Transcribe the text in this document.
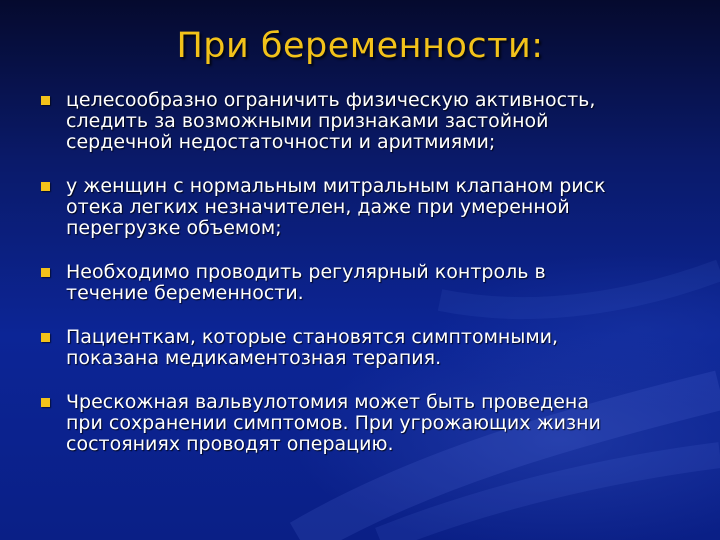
При беременности:
целесообразно ограничить физическую активность,
следить за возможными признаками застойной
сердечной недостаточности и аритмиями;
у женщин с нормальным митральным клапаном риск
отека легких незначителен, даже при умеренной
перегрузке объемом;
Необходимо проводить регулярный контроль в
течение беременности.
Пациенткам, которые становятся симптомными,
показана медикаментозная терапия.
Чрескожная вальвулотомия может быть проведена
при сохранении симптомов. При угрожающих жизни
состояниях проводят операцию.
